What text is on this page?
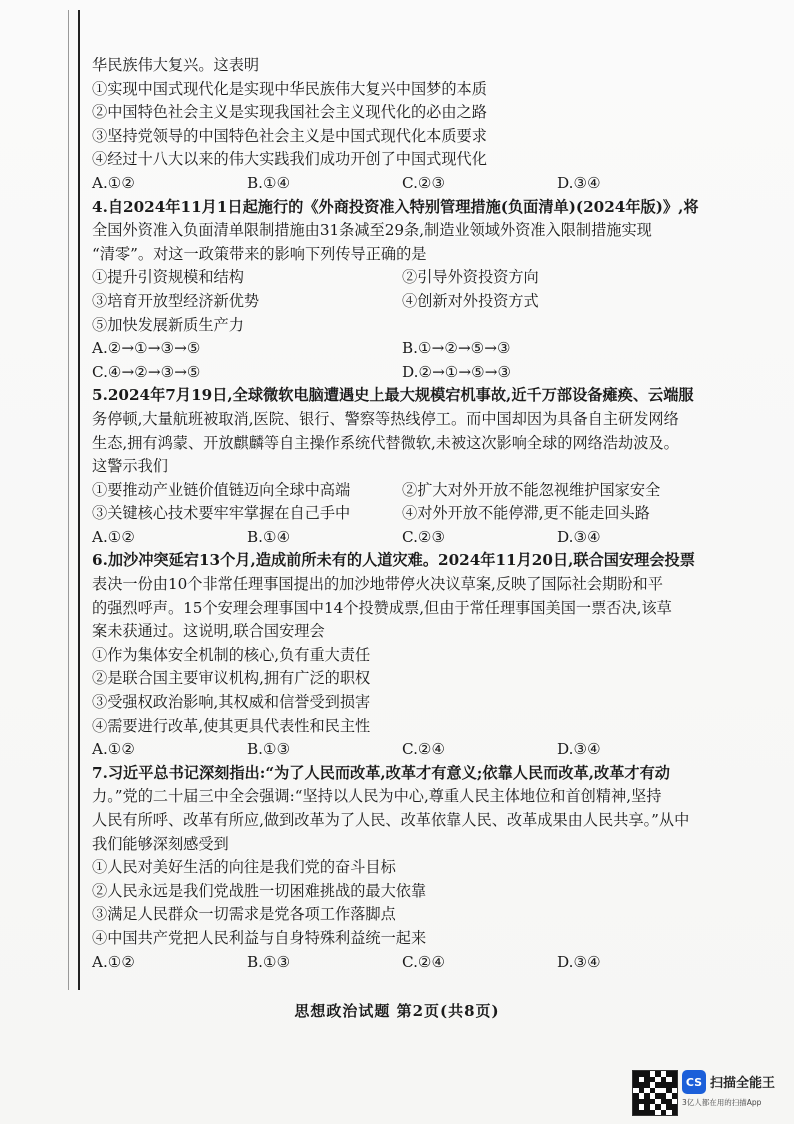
华民族伟大复兴。这表明
①实现中国式现代化是实现中华民族伟大复兴中国梦的本质
②中国特色社会主义是实现我国社会主义现代化的必由之路
③坚持党领导的中国特色社会主义是中国式现代化本质要求
④经过十八大以来的伟大实践我们成功开创了中国式现代化
A.①②	B.①④	C.②③	D.③④
4.自2024年11月1日起施行的《外商投资准入特别管理措施(负面清单)(2024年版)》,将
全国外资准入负面清单限制措施由31条减至29条,制造业领域外资准入限制措施实现
“清零”。对这一政策带来的影响下列传导正确的是
①提升引资规模和结构	②引导外资投资方向
③培育开放型经济新优势	④创新对外投资方式
⑤加快发展新质生产力
A.②→①→③→⑤	B.①→②→⑤→③
C.④→②→③→⑤	D.②→①→⑤→③
5.2024年7月19日,全球微软电脑遭遇史上最大规模宕机事故,近千万部设备瘫痪、云端服
务停顿,大量航班被取消,医院、银行、警察等热线停工。而中国却因为具备自主研发网络
生态,拥有鸿蒙、开放麒麟等自主操作系统代替微软,未被这次影响全球的网络浩劫波及。
这警示我们
①要推动产业链价值链迈向全球中高端	②扩大对外开放不能忽视维护国家安全
③关键核心技术要牢牢掌握在自己手中	④对外开放不能停滞,更不能走回头路
A.①②	B.①④	C.②③	D.③④
6.加沙冲突延宕13个月,造成前所未有的人道灾难。2024年11月20日,联合国安理会投票
表决一份由10个非常任理事国提出的加沙地带停火决议草案,反映了国际社会期盼和平
的强烈呼声。15个安理会理事国中14个投赞成票,但由于常任理事国美国一票否决,该草
案未获通过。这说明,联合国安理会
①作为集体安全机制的核心,负有重大责任
②是联合国主要审议机构,拥有广泛的职权
③受强权政治影响,其权威和信誉受到损害
④需要进行改革,使其更具代表性和民主性
A.①②	B.①③	C.②④	D.③④
7.习近平总书记深刻指出:“为了人民而改革,改革才有意义;依靠人民而改革,改革才有动
力。”党的二十届三中全会强调:“坚持以人民为中心,尊重人民主体地位和首创精神,坚持
人民有所呼、改革有所应,做到改革为了人民、改革依靠人民、改革成果由人民共享。”从中
我们能够深刻感受到
①人民对美好生活的向往是我们党的奋斗目标
②人民永远是我们党战胜一切困难挑战的最大依靠
③满足人民群众一切需求是党各项工作落脚点
④中国共产党把人民利益与自身特殊利益统一起来
A.①②	B.①③	C.②④	D.③④
思想政治试题 第2页(共8页)
CS 扫描全能王
3亿人都在用的扫描App
